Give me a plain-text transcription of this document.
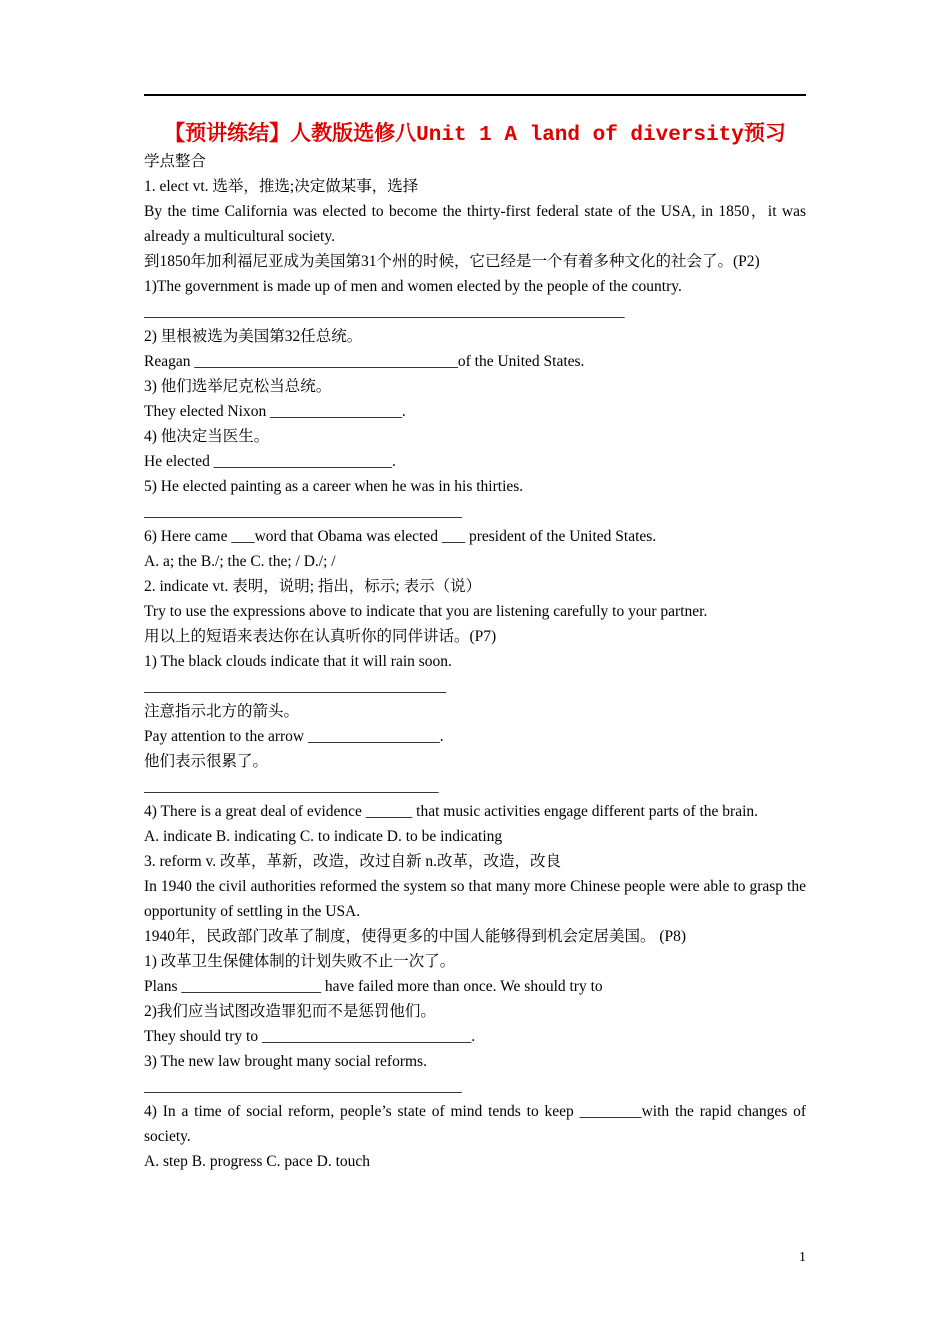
【预讲练结】人教版选修八Unit 1 A land of diversity预习
学点整合
1. elect vt. 选举，推选;决定做某事，选择
By the time California was elected to become the thirty-first federal state of the USA, in 1850，it was already a multicultural society.
到1850年加利福尼亚成为美国第31个州的时候，它已经是一个有着多种文化的社会了。(P2)
1)The government is made up of men and women elected by the people of the country.
______________________________________________________________
2) 里根被选为美国第32任总统。
Reagan __________________________________of the United States.
3) 他们选举尼克松当总统。
They elected Nixon _________________.
4) 他决定当医生。
He elected _______________________.
5) He elected painting as a career when he was in his thirties.
_________________________________________
6) Here came ___word that Obama was elected ___ president of the United States.
A. a; the B./; the C. the; / D./; /
2. indicate vt. 表明，说明; 指出，标示; 表示（说）
Try to use the expressions above to indicate that you are listening carefully to your partner.
用以上的短语来表达你在认真听你的同伴讲话。(P7)
1) The black clouds indicate that it will rain soon.
_______________________________________
注意指示北方的箭头。
Pay attention to the arrow _________________.
他们表示很累了。
______________________________________
4) There is a great deal of evidence ______ that music activities engage different parts of the brain.
A. indicate B. indicating C. to indicate D. to be indicating
3. reform v. 改革，革新，改造，改过自新 n.改革，改造，改良
In 1940 the civil authorities reformed the system so that many more Chinese people were able to grasp the opportunity of settling in the USA.
1940年，民政部门改革了制度，使得更多的中国人能够得到机会定居美国。 (P8)
1) 改革卫生保健体制的计划失败不止一次了。
Plans __________________ have failed more than once. We should try to
2)我们应当试图改造罪犯而不是惩罚他们。
They should try to ___________________________.
3) The new law brought many social reforms.
_________________________________________
4) In a time of social reform, people’s state of mind tends to keep ________with the rapid changes of society.
A. step B. progress C. pace D. touch
1
